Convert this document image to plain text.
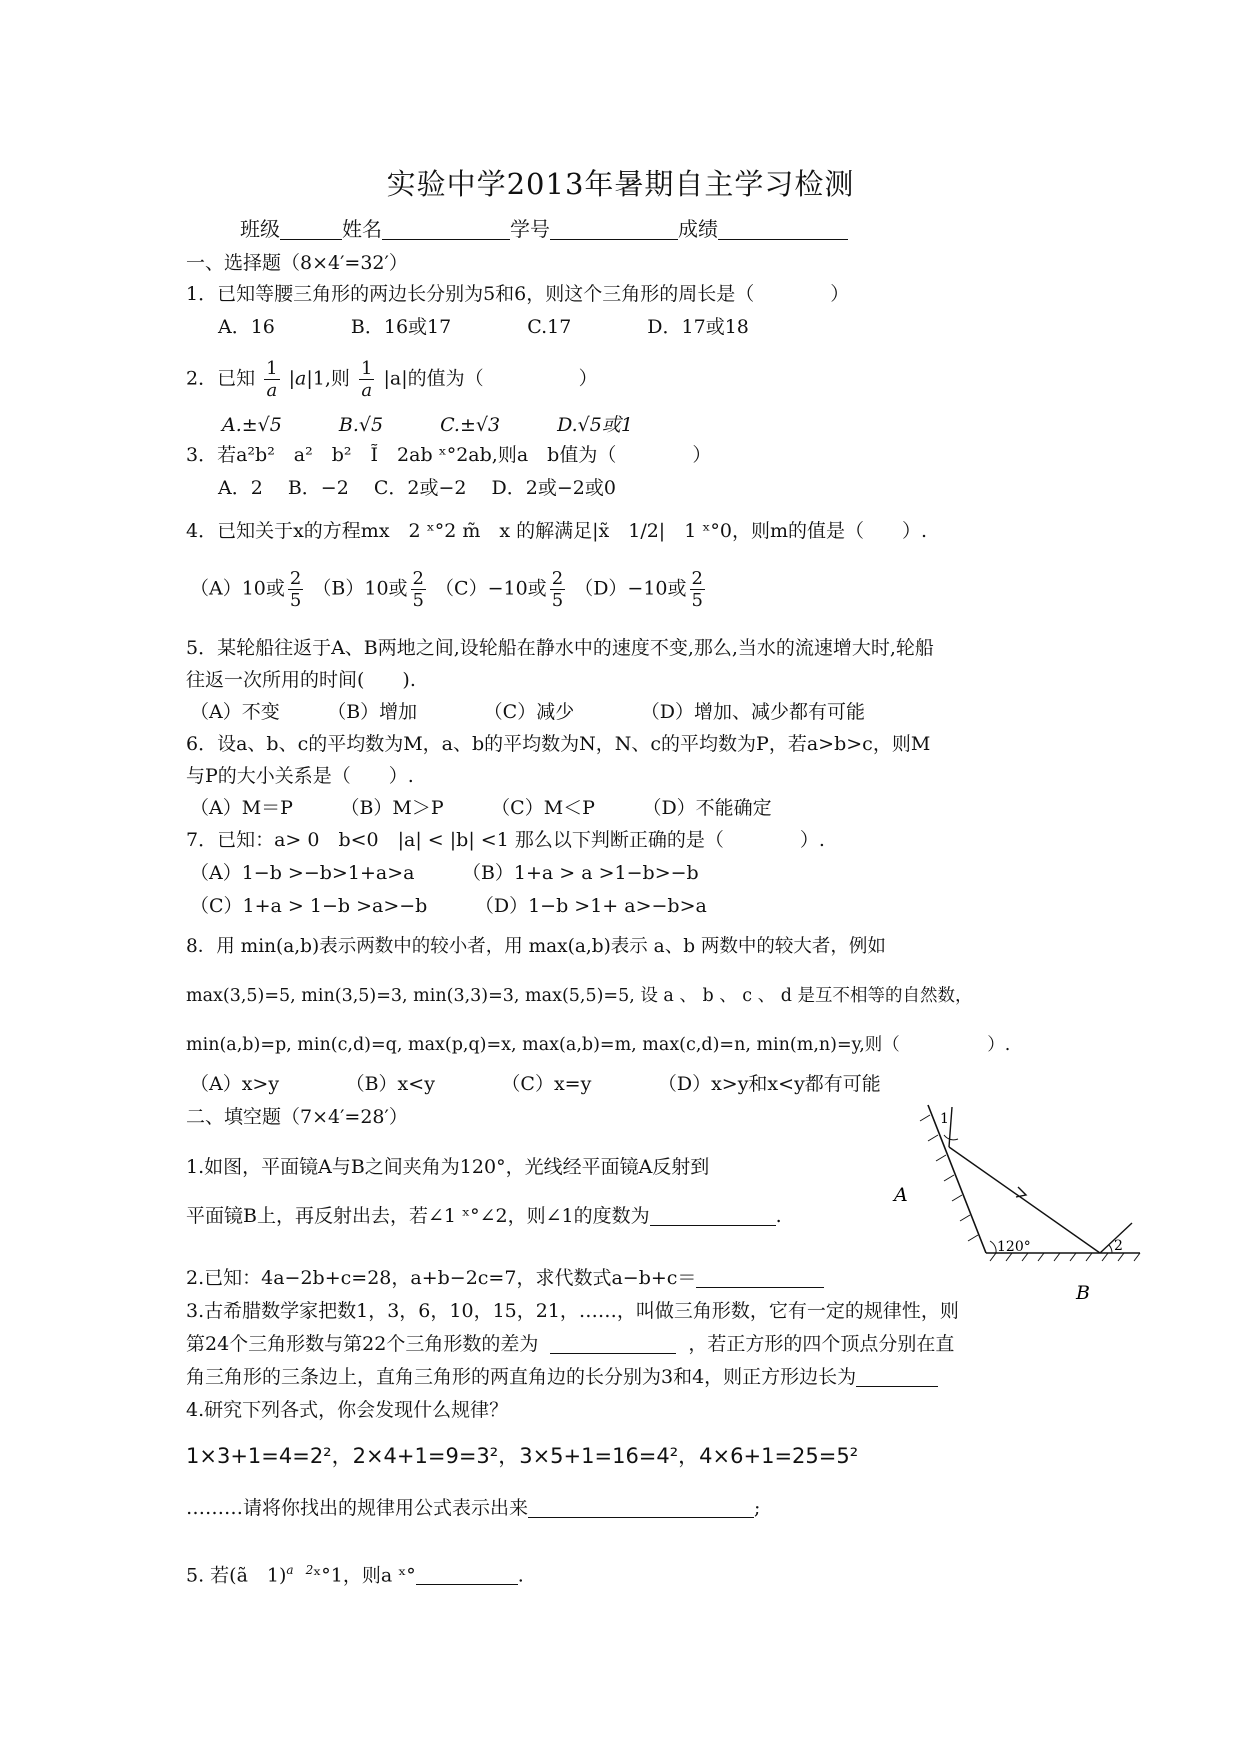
实验中学2013年暑期自主学习检测
班级	姓名	学号	成绩
一、选择题（8×4′=32′）
1．已知等腰三角形的两边长分别为5和6，则这个三角形的周长是（　　　　）
A．16　　　　B．16或17　　　　C.17　　　　D．17或18
2．已知 $\frac{1}{a} |a|1$,则 $\frac{1}{a} |a|$的值为（　　　　　）
A.±√5　　　B.√5　　　C.±√3　　　D.√5或1
3．若a²b²　a²　b²　Ĩ　2ab ˣ°2ab,则a　b值为（　　　　）
A．2　 B．−2　 C．2或−2　 D．2或−2或0
4．已知关于x的方程mx　2 ˣ°2 m̃　x 的解满足|x̃　1/2|　1 ˣ°0，则m的值是（　　）.
（A）10或 $\frac{2}{5} (B)10$或 $\frac{2}{5} (C)-10$或 $\frac{2}{5} (D)-10$或 $\frac{2}{5}$
5．某轮船往返于A、B两地之间,设轮船在静水中的速度不变,那么,当水的流速增大时,轮船
往返一次所用的时间(　　).
（A）不变　　　（B）增加　　　　（C）减少　　　　（D）增加、减少都有可能
6．设a、b、c的平均数为M，a、b的平均数为N，N、c的平均数为P，若a>b>c，则M
与P的大小关系是（　　）.
（A）M＝P　　　（B）M＞P　　　（C）M＜P　　　（D）不能确定
7．已知：a> 0　b<0　|a| < |b| <1 那么以下判断正确的是（　　　　）.
（A）1−b >−b>1+a>a　　　（B）1+a > a >1−b>−b
（C）1+a > 1−b >a>−b　　　（D）1−b >1+ a>−b>a
8．用 min(a,b)表示两数中的较小者，用 max(a,b)表示 a、b 两数中的较大者，例如
max(3,5)=5, min(3,5)=3, min(3,3)=3, max(5,5)=5, 设 a 、 b 、 c 、 d 是互不相等的自然数，
min(a,b)=p, min(c,d)=q, max(p,q)=x, max(a,b)=m, max(c,d)=n, min(m,n)=y,则（　　　　　）.
（A）x>y　　　　（B）x<y　　　　（C）x=y　　　　（D）x>y和x<y都有可能
二、填空题（7×4′=28′）
1.如图，平面镜A与B之间夹角为120°，光线经平面镜A反射到
平面镜B上，再反射出去，若∠1 ˣ°∠2，则∠1的度数为	.
2.已知：4a−2b+c=28，a+b−2c=7，求代数式a−b+c＝
3.古希腊数学家把数1，3，6，10，15，21，……，叫做三角形数，它有一定的规律性，则
第24个三角形数与第22个三角形数的差为	，若正方形的四个顶点分别在直
角三角形的三条边上，直角三角形的两直角边的长分别为3和4，则正方形边长为
4.研究下列各式，你会发现什么规律？
1×3+1=4=2²，2×4+1=9=3²，3×5+1=16=4²，4×6+1=25=5²
………请将你找出的规律用公式表示出来	;
5. 若(ã　1)$^{a 2}$ˣ°1，则a ˣ°	.
1
120°	2
A
B
